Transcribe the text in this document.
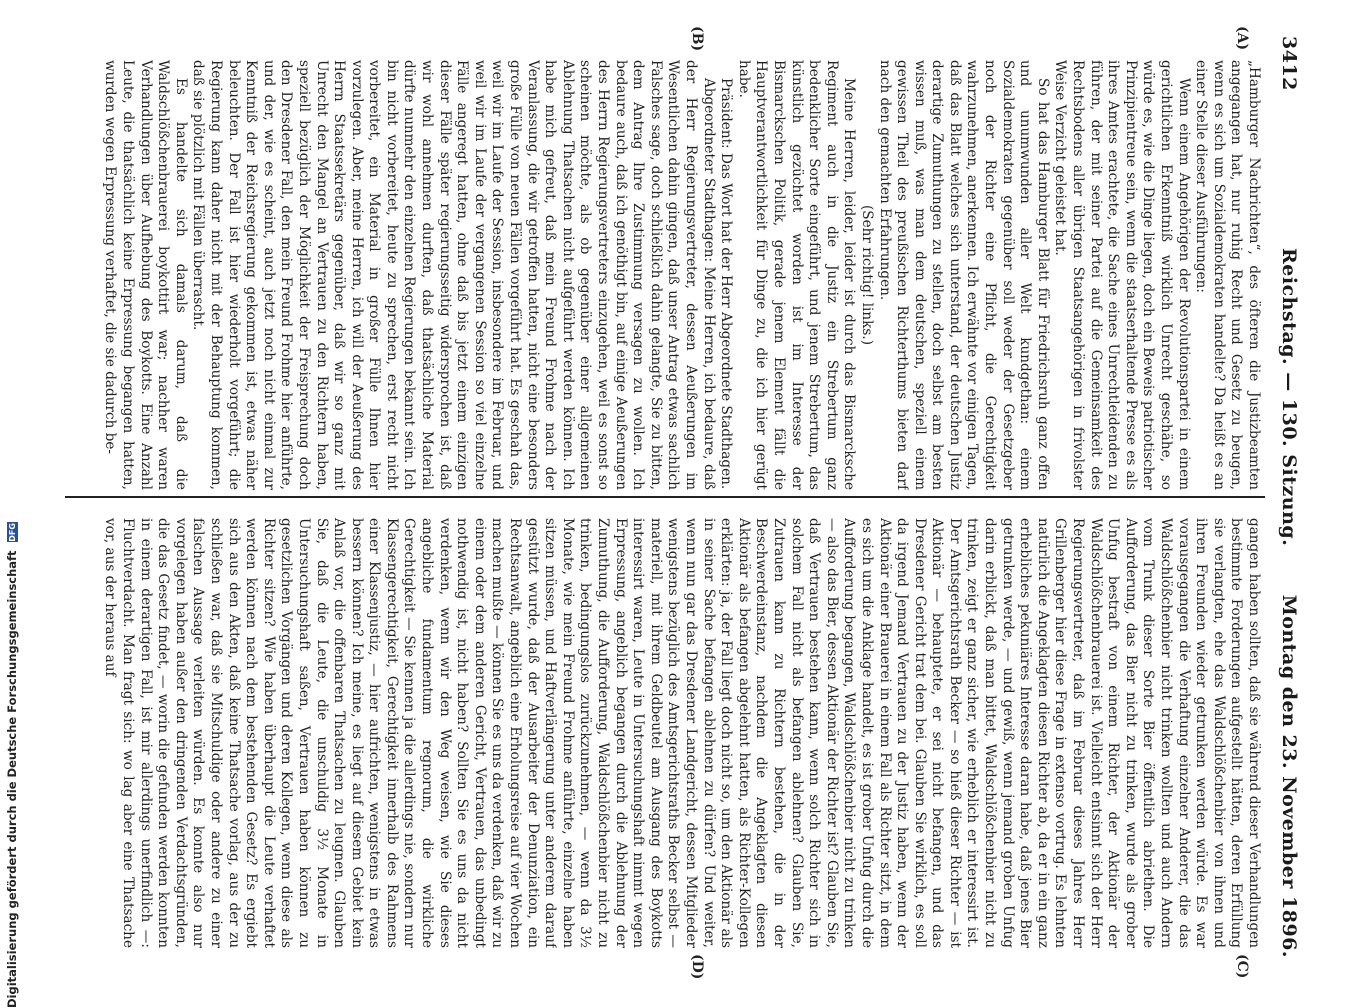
3412
Reichstag. — 130. Sitzung.
Montag den 23. November 1896.
(A)
(B)
(C)
(D)

„Hamburger Nachrichten“, des öfteren die Justizbeamten angegangen hat, nur ruhig Recht und Gesetz zu beugen, wenn es sich um Sozialdemokraten handelte? Da heißt es an einer Stelle dieser Ausführungen:

Wenn einem Angehörigen der Revolutionspartei in einem gerichtlichen Erkenntniß wirklich Unrecht geschähe, so würde es, wie die Dinge liegen, doch ein Beweis patriotischer Prinzipientreue sein, wenn die staatserhaltende Presse es als ihres Amtes erachtete, die Sache eines Unrechtleidenden zu führen, der mit seiner Partei auf die Gemeinsamkeit des Rechtsbodens aller übrigen Staatsangehörigen in frivolster Weise Verzicht geleistet hat.

So hat das Hamburger Blatt für Friedrichsruh ganz offen und unumwunden aller Welt kundgethan: einem Sozialdemokraten gegenüber soll weder der Gesetzgeber noch der Richter eine Pflicht, die Gerechtigkeit wahrzunehmen, anerkennen. Ich erwähnte vor einigen Tagen, daß das Blatt welches sich unterstand, der deutschen Justiz derartige Zumuthungen zu stellen, doch selbst am besten wissen muß, was man dem deutschen, speziell einem gewissen Theil des preußischen Richterthums bieten darf nach den gemachten Erfahrungen.

(Sehr richtig! links.)

Meine Herren, leider, leider ist durch das Bismarcksche Regiment auch in die Justiz ein Strebertum ganz bedenklicher Sorte eingeführt, und jenem Strebertum, das künstlich gezüchtet worden ist im Interesse der Bismarckschen Politik, gerade jenem Element fällt die Hauptverantwortlichkeit für Dinge zu, die ich hier gerügt habe.

Präsident: Das Wort hat der Herr Abgeordnete Stadthagen.

Abgeordneter Stadthagen: Meine Herren, ich bedaure, daß der Herr Regierungsvertreter, dessen Aeußerungen im Wesentlichen dahin gingen, daß unser Antrag etwas sachlich Falsches sage, doch schließlich dahin gelangte, Sie zu bitten, dem Antrag Ihre Zustimmung versagen zu wollen. Ich bedaure auch, daß ich genöthigt bin, auf einige Aeußerungen des Herrn Regierungsvertreters einzugehen, weil es sonst so scheinen möchte, als ob gegenüber einer allgemeinen Ablehnung Thatsachen nicht aufgeführt werden können. Ich habe mich gefreut, daß mein Freund Frohme nach der Veranlassung, die wir getroffen hatten, nicht eine besonders große Fülle von neuen Fällen vorgeführt hat. Es geschah das, weil wir im Laufe der Session, insbesondere im Februar, und weil wir im Laufe der vergangenen Session so viel einzelne Fälle angeregt hatten, ohne daß bis jetzt einem einzigen dieser Fälle später regierungsseitig widersprochen ist, daß wir wohl annehmen durften, daß thatsächliche Material dürfte nunmehr den einzelnen Regierungen bekannt sein. Ich bin nicht vorbereitet, heute zu sprechen, erst recht nicht vorbereitet, ein Material in großer Fülle Ihnen hier vorzulegen. Aber, meine Herren, ich will der Aeußerung des Herrn Staatssekretärs gegenüber, daß wir so ganz mit Unrecht den Mangel an Vertrauen zu den Richtern haben, speziell bezüglich der Möglichkeit der Freisprechung doch den Dresdener Fall, den mein Freund Frohme hier anführte, und der, wie es scheint, auch jetzt noch nicht einmal zur Kenntniß der Reichsregierung gekommen ist, etwas näher beleuchten. Der Fall ist hier wiederholt vorgeführt; die Regierung kann daher nicht mit der Behauptung kommen, daß sie plötzlich mit Fällen überrascht.

Es handelte sich damals darum, daß die Waldschlößchenbrauerei boykottirt war; nachher waren Verhandlungen über Aufhebung des Boykotts. Eine Anzahl Leute, die thatsächlich keine Erpressung begangen hatten, wurden wegen Erpressung verhaftet, die sie dadurch be-

gangen haben sollten, daß sie während dieser Verhandlungen bestimmte Forderungen aufgestellt hätten, deren Erfüllung sie verlangten, ehe das Waldschlößchenbier von ihnen und ihren Freunden wieder getrunken werden würde. Es war vorausgegangen die Verhaftung einzelner Anderer, die das Waldschlößchenbier nicht trinken wollten und auch Andern vom Trunk dieser Sorte Bier öffentlich abriethen. Die Aufforderung, das Bier nicht zu trinken, wurde als grober Unfug bestraft von einem Richter, der Aktionär der Waldschlößchenbrauerei ist. Vielleicht entsinnt sich der Herr Regierungsvertreter, daß im Februar dieses Jahres Herr Grillenberger hier diese Frage in extenso vortrug. Es lehnten natürlich die Angeklagten diesen Richter ab, da er in ein ganz erhebliches pekuniäres Interesse daran habe, daß jenes Bier getrunken werde, — und gewiß, wenn jemand groben Unfug darin erblickt, daß man bittet, Waldschlößchenbier nicht zu trinken, zeigt er ganz sicher, wie erheblich er interessirt ist. Der Amtsgerichtsrath Becker — so hieß dieser Richter — ist Aktionär — behauptete, er sei nicht befangen, und das Dresdener Gericht trat dem bei. Glauben Sie wirklich, es soll da irgend Jemand Vertrauen zu der Justiz haben, wenn der Aktionär einer Brauerei in einem Fall als Richter sitzt, in dem es sich um die Anklage handelt, es ist grober Unfug durch die Aufforderung begangen, Waldschlößchenbier nicht zu trinken — also das Bier, dessen Aktionär der Richter ist? Glauben Sie, daß Vertrauen bestehen kann, wenn solch Richter sich in solchem Fall nicht als befangen ablehnen? Glauben Sie, Zutrauen kann zu Richtern bestehen, die in der Beschwerdeinstanz, nachdem die Angeklagten diesen Aktionär als befangen abgelehnt hatten, als Richter-Kollegen erklärten: ja, der Fall liegt doch nicht so, um den Aktionär als in seiner Sache befangen ablehnen zu dürfen? Und weiter, wenn nun gar das Dresdener Landgericht, dessen Mitglieder wenigstens bezüglich des Amtsgerichtsraths Becker selbst — materiell, mit ihrem Geldbeutel am Ausgang des Boykotts interessirt waren, Leute in Untersuchungshaft nimmt wegen Erpressung, angeblich begangen durch die Ablehnung der Zumuthung, die Aufforderung, Waldschlößchenbier nicht zu trinken, bedingungslos zurückzunehmen, — wenn da 3½ Monate, wie mein Freund Frohme anführte, einzelne haben sitzen müssen, und Haftverlängerung unter anderem darauf gestützt wurde, daß der Ausarbeiter der Denunziation, ein Rechtsanwalt, angeblich eine Erholungsreise auf vier Wochen machen mußte — können Sie es uns da verdenken, daß wir zu einem oder dem anderen Gericht, Vertrauen, das unbedingt nothwendig ist, nicht haben? Sollten Sie es uns da nicht verdenken, wenn wir den Weg weisen, wie Sie dieses angebliche fundamentum regnorum, die wirkliche Gerechtigkeit — Sie kennen ja die allerdings nie, sondern nur Klassengerechtigkeit, Gerechtigkeit innerhalb des Rahmens einer Klassenjustiz, — hier aufrichten, wenigstens in etwas bessern können? Ich meine, es liegt auf diesem Gebiet kein Anlaß vor, die offenbaren Thatsachen zu leugnen. Glauben Sie, daß die Leute, die unschuldig 3½ Monate in Untersuchungshaft saßen, Vertrauen haben können zu gesetzlichen Vorgängen und deren Kollegen, wenn diese als Richter sitzen? Wie haben überhaupt die Leute verhaftet werden können nach dem bestehenden Gesetz? Es ergiebt sich aus den Akten, daß keine Thatsache vorlag, aus der zu schließen war, daß sie Mitschuldige oder andere zu einer falschen Aussage verleiten würden. Es konnte also nur vorgelegen haben außer den dringenden Verdachtsgründen, die das Gesetz findet, — worin die gefunden werden konnten in einem derartigen Fall, ist mir allerdings unerfindlich —: Fluchtverdacht. Man fragt sich: wo lag aber eine Thatsache vor, aus der heraus auf

Digitalisierung gefördert durch die Deutsche Forschungsgemeinschaft DFG
